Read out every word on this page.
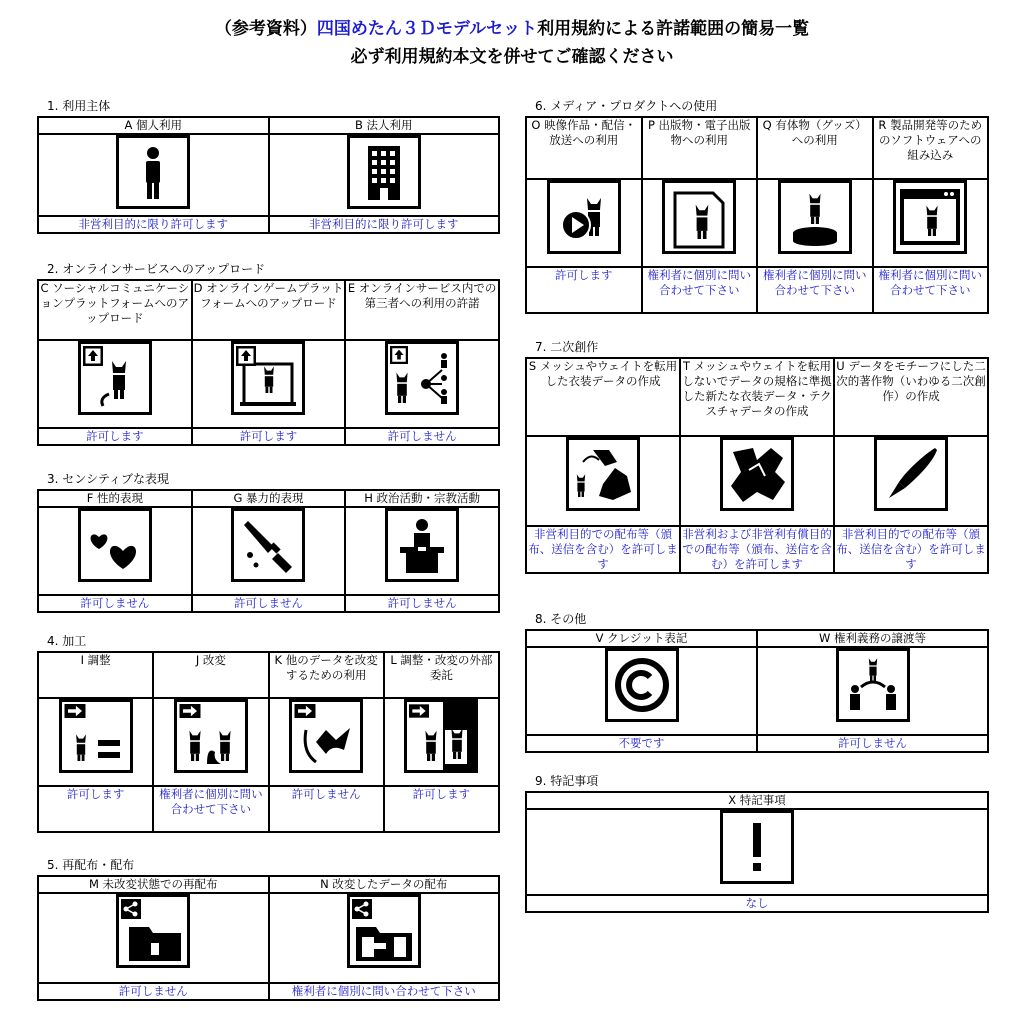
（参考資料）四国めたん３Ｄモデルセット利用規約による許諾範囲の簡易一覧
必ず利用規約本文を併せてご確認ください
1. 利用主体
A 個人利用	B 法人利用

非営利目的に限り許可します	非営利目的に限り許可します
2. オンラインサービスへのアップロード
C ソーシャルコミュニケーションプラットフォームへのアップロード	D オンラインゲームプラットフォームへのアップロード	E オンラインサービス内での第三者への利用の許諾

許可します	許可します	許可しません
3. センシティブな表現
F 性的表現	G 暴力的表現	H 政治活動・宗教活動

許可しません	許可しません	許可しません
4. 加工
I 調整	J 改変	K 他のデータを改変するための利用	L 調整・改変の外部委託

許可します	権利者に個別に問い合わせて下さい	許可しません	許可します
5. 再配布・配布
M 未改変状態での再配布	N 改変したデータの配布

許可しません	権利者に個別に問い合わせて下さい
6. メディア・プロダクトへの使用
O 映像作品・配信・放送への利用	P 出版物・電子出版物への利用	Q 有体物（グッズ）への利用	R 製品開発等のためのソフトウェアへの組み込み

許可します	権利者に個別に問い合わせて下さい	権利者に個別に問い合わせて下さい	権利者に個別に問い合わせて下さい
7. 二次創作
S メッシュやウェイトを転用した衣装データの作成	T メッシュやウェイトを転用しないでデータの規格に準拠した新たな衣装データ・テクスチャデータの作成	U データをモチーフにした二次的著作物（いわゆる二次創作）の作成

非営利目的での配布等（頒布、送信を含む）を許可します	非営利および非営利有償目的での配布等（頒布、送信を含む）を許可します	非営利目的での配布等（頒布、送信を含む）を許可します
8. その他
V クレジット表記	W 権利義務の譲渡等

不要です	許可しません
9. 特記事項
X 特記事項

なし
